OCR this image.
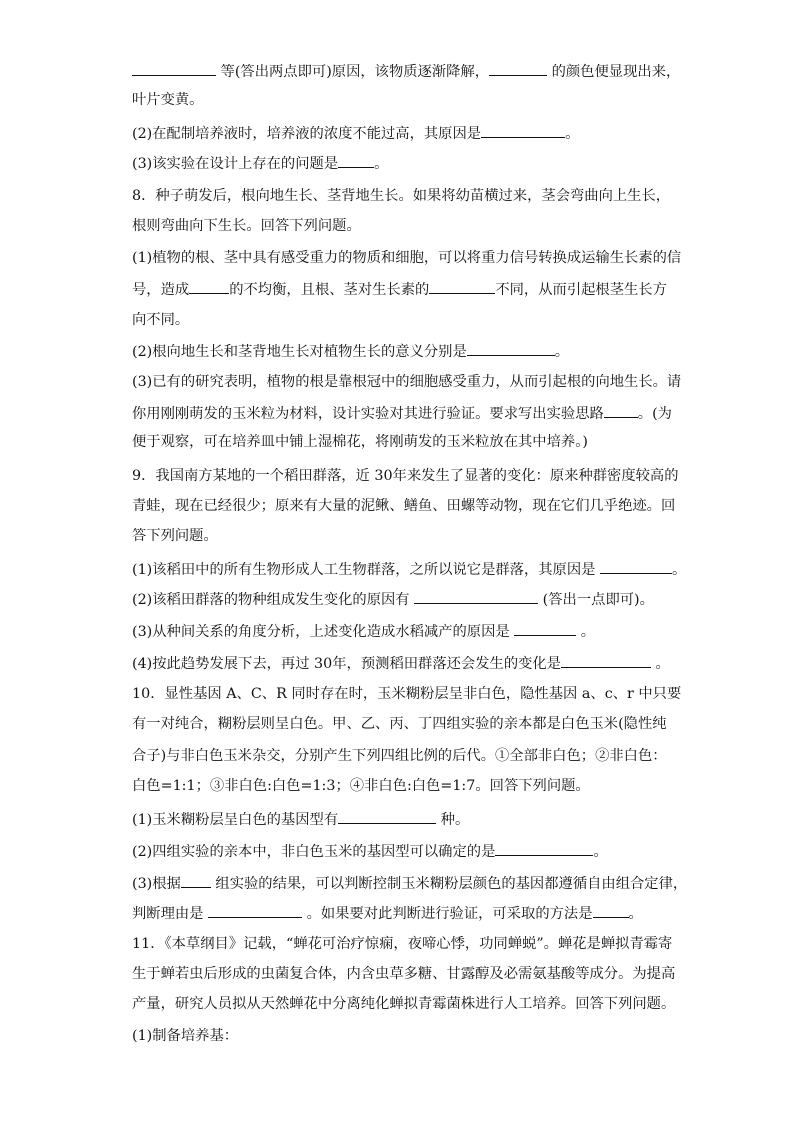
等(答出两点即可)原因，该物质逐渐降解，	的颜色便显现出来，
叶片变黄。
(2)在配制培养液时，培养液的浓度不能过高，其原因是	。
(3)该实验在设计上存在的问题是	。
8．种子萌发后，根向地生长、茎背地生长。如果将幼苗横过来，茎会弯曲向上生长，
根则弯曲向下生长。回答下列问题。
(1)植物的根、茎中具有感受重力的物质和细胞，可以将重力信号转换成运输生长素的信
号，造成	的不均衡，且根、茎对生长素的	不同，从而引起根茎生长方
向不同。
(2)根向地生长和茎背地生长对植物生长的意义分别是	。
(3)已有的研究表明，植物的根是靠根冠中的细胞感受重力，从而引起根的向地生长。请
你用刚刚萌发的玉米粒为材料，设计实验对其进行验证。要求写出实验思路 。(为
便于观察，可在培养皿中铺上湿棉花，将刚萌发的玉米粒放在其中培养。)
9．我国南方某地的一个稻田群落，近 30年来发生了显著的变化：原来种群密度较高的
青蛙，现在已经很少；原来有大量的泥鳅、鳝鱼、田螺等动物，现在它们几乎绝迹。回
答下列问题。
(1)该稻田中的所有生物形成人工生物群落，之所以说它是群落，其原因是	。
(2)该稻田群落的物种组成发生变化的原因有	(答出一点即可)。
(3)从种间关系的角度分析，上述变化造成水稻减产的原因是	。
(4)按此趋势发展下去，再过 30年，预测稻田群落还会发生的变化是	。
10．显性基因 A、C、R 同时存在时，玉米糊粉层呈非白色，隐性基因 a、c、r 中只要
有一对纯合，糊粉层则呈白色。甲、乙、丙、丁四组实验的亲本都是白色玉米(隐性纯
合子)与非白色玉米杂交，分别产生下列四组比例的后代。①全部非白色；②非白色：
白色=1:1；③非白色:白色=1:3；④非白色:白色=1:7。回答下列问题。
(1)玉米糊粉层呈白色的基因型有	种。
(2)四组实验的亲本中，非白色玉米的基因型可以确定的是	。
(3)根据 组实验的结果，可以判断控制玉米糊粉层颜色的基因都遵循自由组合定律，
判断理由是	。如果要对此判断进行验证，可采取的方法是	。
11．《本草纲目》记载，“蝉花可治疗惊痫，夜啼心悸，功同蝉蜕”。蝉花是蝉拟青霉寄
生于蝉若虫后形成的虫菌复合体，内含虫草多糖、甘露醇及必需氨基酸等成分。为提高
产量，研究人员拟从天然蝉花中分离纯化蝉拟青霉菌株进行人工培养。回答下列问题。
(1)制备培养基：
